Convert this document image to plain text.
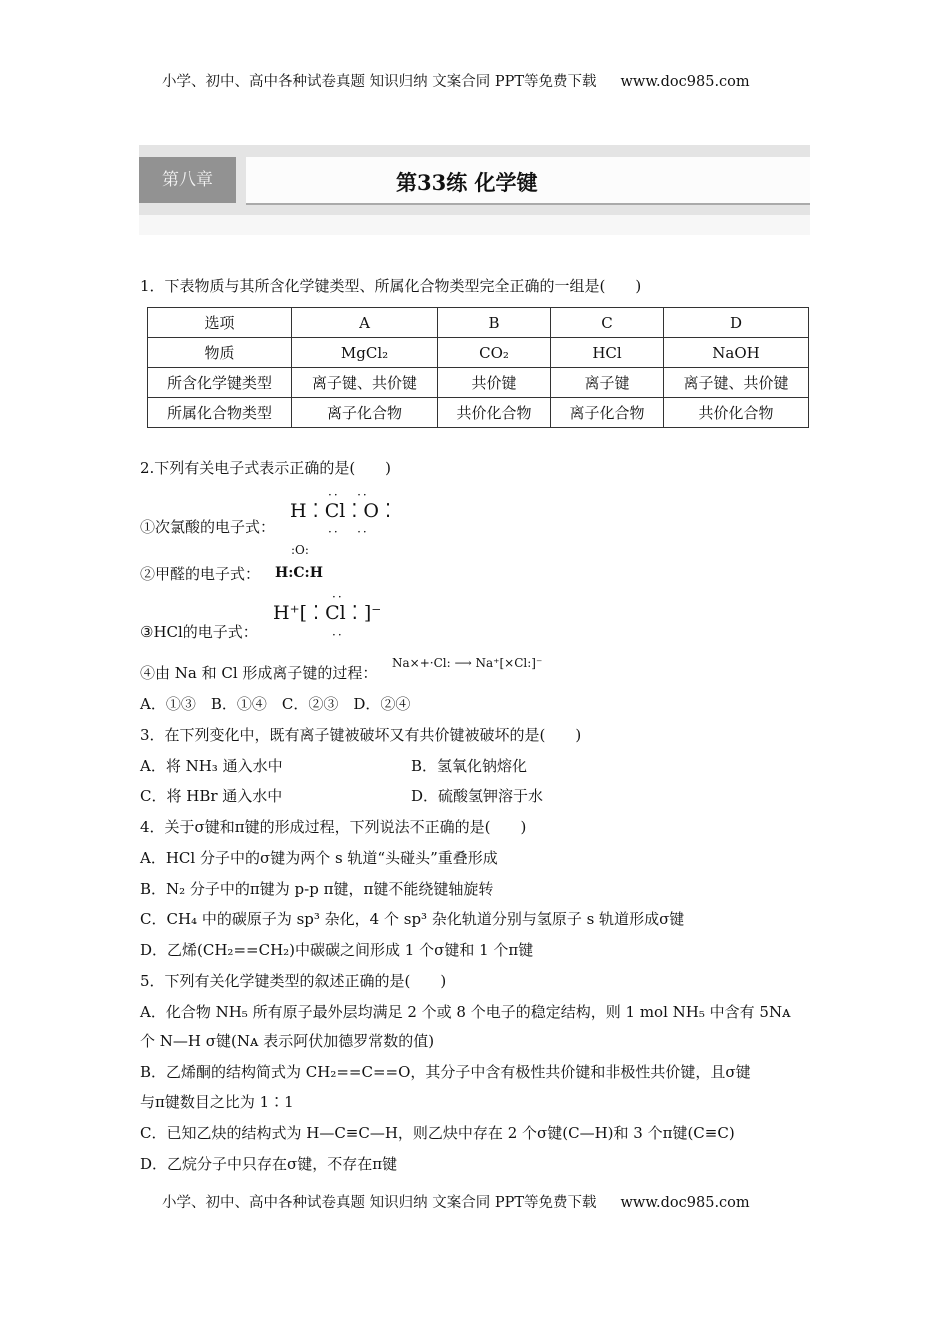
小学、初中、高中各种试卷真题 知识归纳 文案合同 PPT等免费下载 www.doc985.com
第八章	第33练 化学键
1．下表物质与其所含化学键类型、所属化合物类型完全正确的一组是(　　)
选项	A	B	C	D
物质	MgCl₂	CO₂	HCl	NaOH
所含化学键类型	离子键、共价键	共价键	离子键	离子键、共价键
所属化合物类型	离子化合物	共价化合物	离子化合物	共价化合物
2.下列有关电子式表示正确的是(　　)
①次氯酸的电子式：
H ⁚ Cl ⁚ O ⁚
··   ··
··   ··
②甲醛的电子式：
:O:
H:C:H
③HCl的电子式：
H⁺[ ⁚ Cl ⁚ ]⁻
··
··
④由 Na 和 Cl 形成离子键的过程：
Na×+·Cl: ⟶ Na⁺[×Cl:]⁻
A．①③　B．①④　C．②③　D．②④
3．在下列变化中，既有离子键被破坏又有共价键被破坏的是(　　)
A．将 NH₃ 通入水中	B．氢氧化钠熔化
C．将 HBr 通入水中	D．硫酸氢钾溶于水
4．关于σ键和π键的形成过程，下列说法不正确的是(　　)
A．HCl 分子中的σ键为两个 s 轨道“头碰头”重叠形成
B．N₂ 分子中的π键为 p-p π键，π键不能绕键轴旋转
C．CH₄ 中的碳原子为 sp³ 杂化，4 个 sp³ 杂化轨道分别与氢原子 s 轨道形成σ键
D．乙烯(CH₂==CH₂)中碳碳之间形成 1 个σ键和 1 个π键
5．下列有关化学键类型的叙述正确的是(　　)
A．化合物 NH₅ 所有原子最外层均满足 2 个或 8 个电子的稳定结构，则 1 mol NH₅ 中含有 5Nᴀ
个 N—H σ键(Nᴀ 表示阿伏加德罗常数的值)
B．乙烯酮的结构简式为 CH₂==C==O，其分子中含有极性共价键和非极性共价键，且σ键
与π键数目之比为 1∶1
C．已知乙炔的结构式为 H—C≡C—H，则乙炔中存在 2 个σ键(C—H)和 3 个π键(C≡C)
D．乙烷分子中只存在σ键，不存在π键
小学、初中、高中各种试卷真题 知识归纳 文案合同 PPT等免费下载 www.doc985.com
